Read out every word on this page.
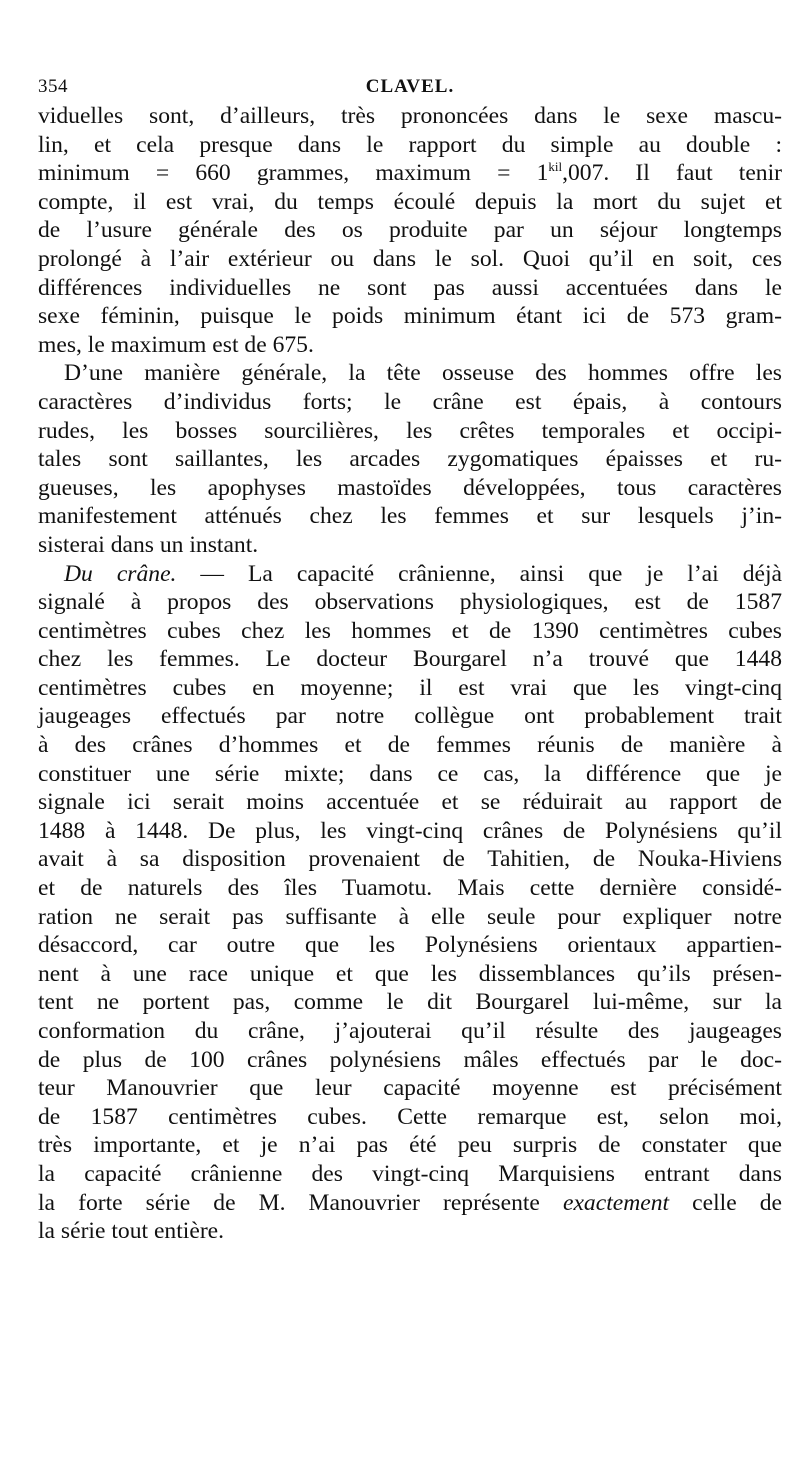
354	CLAVEL.

viduelles sont, d’ailleurs, très prononcées dans le sexe mascu-
lin, et cela presque dans le rapport du simple au double :
minimum = 660 grammes, maximum = $1^{kil},007$. Il faut tenir
compte, il est vrai, du temps écoulé depuis la mort du sujet et
de l’usure générale des os produite par un séjour longtemps
prolongé à l’air extérieur ou dans le sol. Quoi qu’il en soit, ces
différences individuelles ne sont pas aussi accentuées dans le
sexe féminin, puisque le poids minimum étant ici de 573 gram-
mes, le maximum est de 675.

D’une manière générale, la tête osseuse des hommes offre les
caractères d’individus forts; le crâne est épais, à contours
rudes, les bosses sourcilières, les crêtes temporales et occipi-
tales sont saillantes, les arcades zygomatiques épaisses et ru-
gueuses, les apophyses mastoïdes développées, tous caractères
manifestement atténués chez les femmes et sur lesquels j’in-
sisterai dans un instant.

Du crâne. — La capacité crânienne, ainsi que je l’ai déjà
signalé à propos des observations physiologiques, est de 1587
centimètres cubes chez les hommes et de 1390 centimètres cubes
chez les femmes. Le docteur Bourgarel n’a trouvé que 1448
centimètres cubes en moyenne; il est vrai que les vingt-cinq
jaugeages effectués par notre collègue ont probablement trait
à des crânes d’hommes et de femmes réunis de manière à
constituer une série mixte; dans ce cas, la différence que je
signale ici serait moins accentuée et se réduirait au rapport de
1488 à 1448. De plus, les vingt-cinq crânes de Polynésiens qu’il
avait à sa disposition provenaient de Tahitien, de Nouka-Hiviens
et de naturels des îles Tuamotu. Mais cette dernière considé-
ration ne serait pas suffisante à elle seule pour expliquer notre
désaccord, car outre que les Polynésiens orientaux appartien-
nent à une race unique et que les dissemblances qu’ils présen-
tent ne portent pas, comme le dit Bourgarel lui-même, sur la
conformation du crâne, j’ajouterai qu’il résulte des jaugeages
de plus de 100 crânes polynésiens mâles effectués par le doc-
teur Manouvrier que leur capacité moyenne est précisément
de 1587 centimètres cubes. Cette remarque est, selon moi,
très importante, et je n’ai pas été peu surpris de constater que
la capacité crânienne des vingt-cinq Marquisiens entrant dans
la forte série de M. Manouvrier représente exactement celle de
la série tout entière.
